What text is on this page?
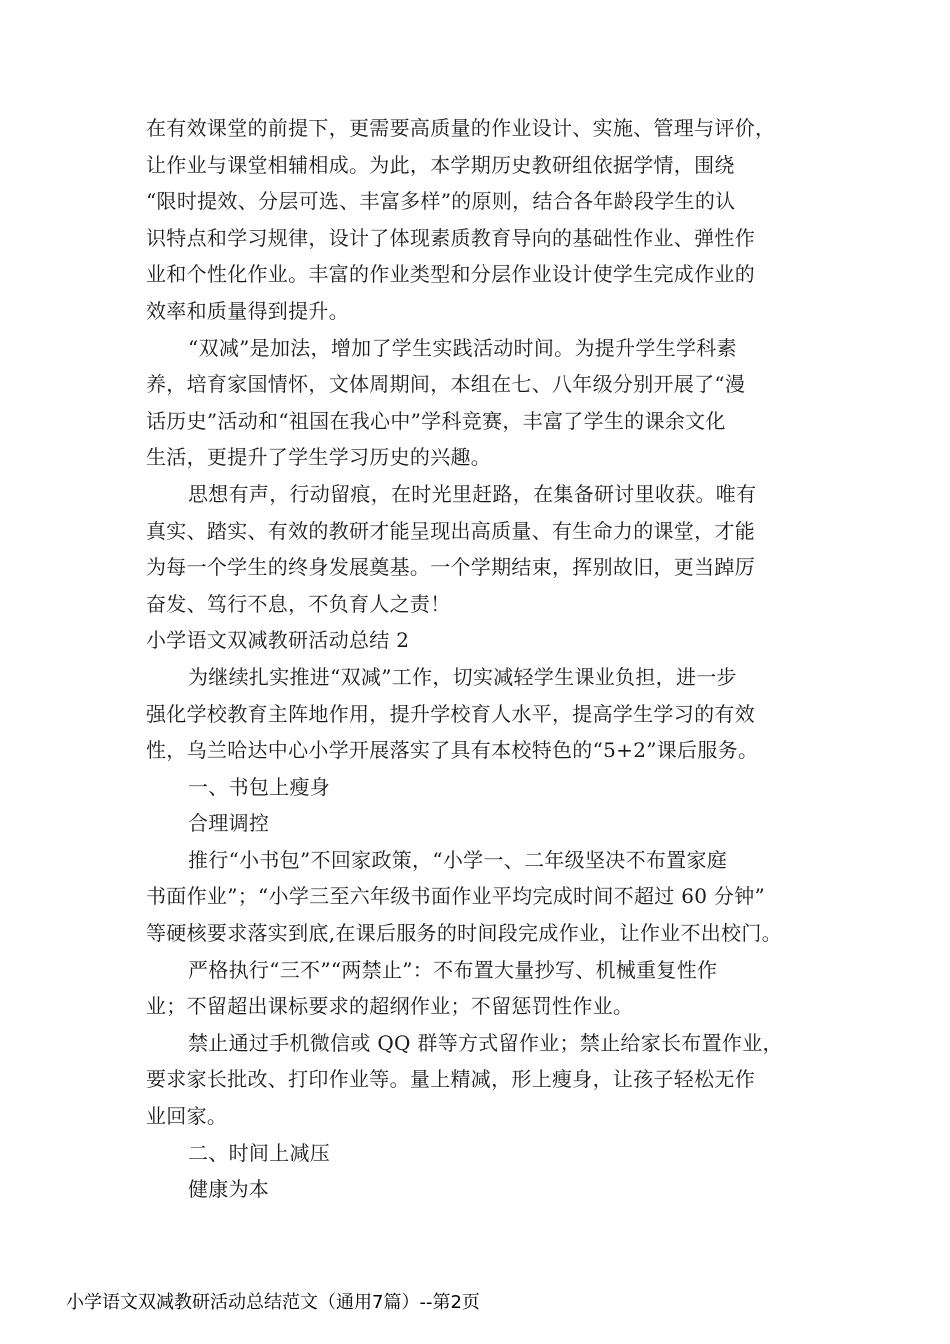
在有效课堂的前提下，更需要高质量的作业设计、实施、管理与评价，
让作业与课堂相辅相成。为此，本学期历史教研组依据学情，围绕
“限时提效、分层可选、丰富多样”的原则，结合各年龄段学生的认
识特点和学习规律，设计了体现素质教育导向的基础性作业、弹性作
业和个性化作业。丰富的作业类型和分层作业设计使学生完成作业的
效率和质量得到提升。
“双减”是加法，增加了学生实践活动时间。为提升学生学科素
养，培育家国情怀，文体周期间，本组在七、八年级分别开展了“漫
话历史”活动和“祖国在我心中”学科竞赛，丰富了学生的课余文化
生活，更提升了学生学习历史的兴趣。
思想有声，行动留痕，在时光里赶路，在集备研讨里收获。唯有
真实、踏实、有效的教研才能呈现出高质量、有生命力的课堂，才能
为每一个学生的终身发展奠基。一个学期结束，挥别故旧，更当踔厉
奋发、笃行不息，不负育人之责！
小学语文双减教研活动总结 2
为继续扎实推进“双减”工作，切实减轻学生课业负担，进一步
强化学校教育主阵地作用，提升学校育人水平，提高学生学习的有效
性，乌兰哈达中心小学开展落实了具有本校特色的“5+2”课后服务。
一、书包上瘦身
合理调控
推行“小书包”不回家政策，“小学一、二年级坚决不布置家庭
书面作业”；“小学三至六年级书面作业平均完成时间不超过 60 分钟”
等硬核要求落实到底,在课后服务的时间段完成作业，让作业不出校门。
严格执行“三不”“两禁止”：不布置大量抄写、机械重复性作
业；不留超出课标要求的超纲作业；不留惩罚性作业。
禁止通过手机微信或 QQ 群等方式留作业；禁止给家长布置作业，
要求家长批改、打印作业等。量上精减，形上瘦身，让孩子轻松无作
业回家。
二、时间上减压
健康为本
小学语文双减教研活动总结范文（通用7篇）--第2页
